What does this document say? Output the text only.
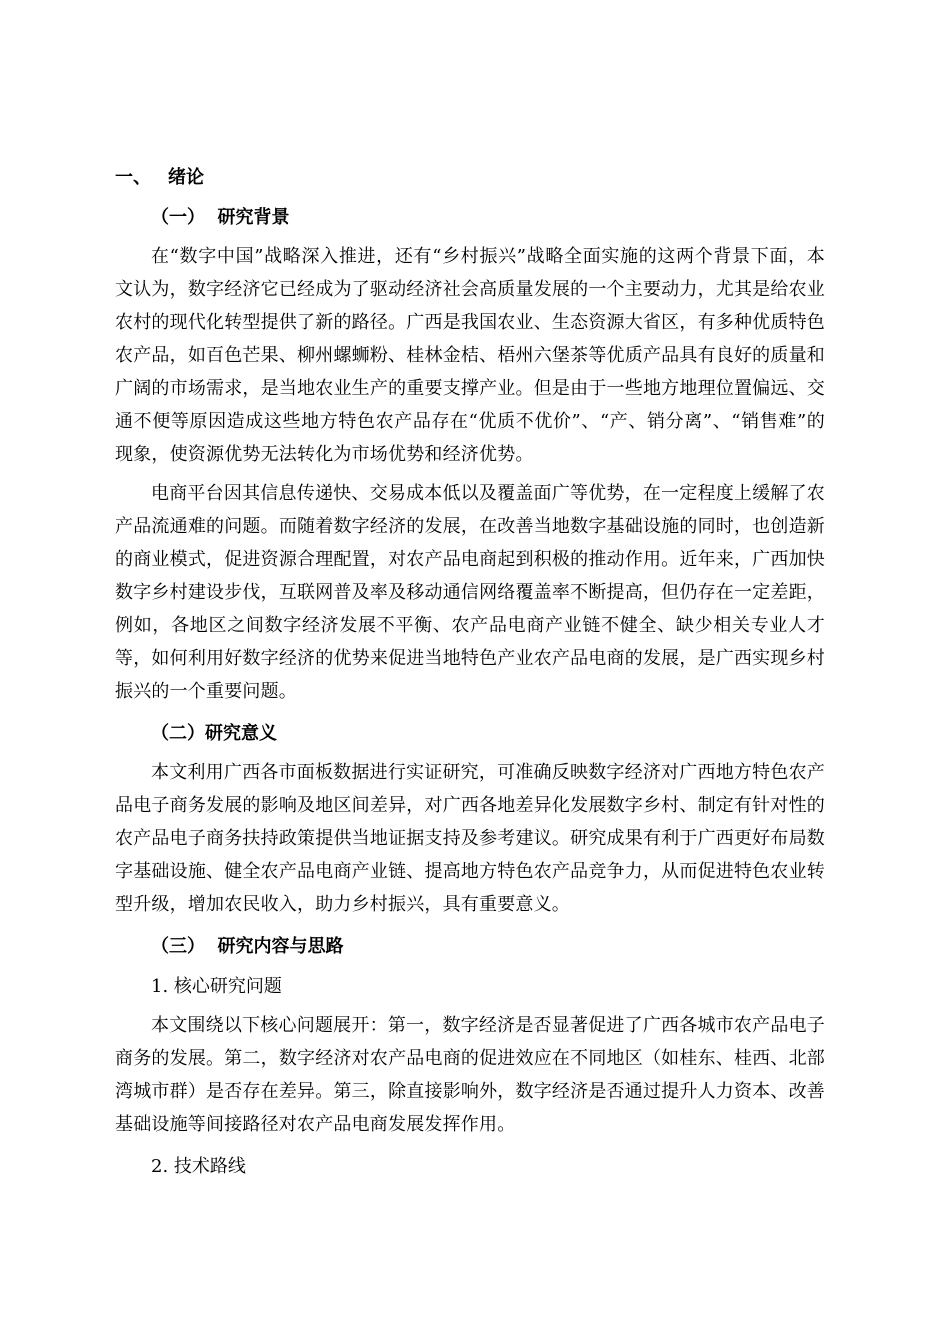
一、 绪论
（一） 研究背景

在“数字中国”战略深入推进，还有“乡村振兴”战略全面实施的这两个背景下面，本文认为，数字经济它已经成为了驱动经济社会高质量发展的一个主要动力，尤其是给农业农村的现代化转型提供了新的路径。广西是我国农业、生态资源大省区，有多种优质特色农产品，如百色芒果、柳州螺蛳粉、桂林金桔、梧州六堡茶等优质产品具有良好的质量和广阔的市场需求，是当地农业生产的重要支撑产业。但是由于一些地方地理位置偏远、交通不便等原因造成这些地方特色农产品存在“优质不优价”、“产、销分离”、“销售难”的现象，使资源优势无法转化为市场优势和经济优势。

电商平台因其信息传递快、交易成本低以及覆盖面广等优势，在一定程度上缓解了农产品流通难的问题。而随着数字经济的发展，在改善当地数字基础设施的同时，也创造新的商业模式，促进资源合理配置，对农产品电商起到积极的推动作用。近年来，广西加快数字乡村建设步伐，互联网普及率及移动通信网络覆盖率不断提高，但仍存在一定差距，例如，各地区之间数字经济发展不平衡、农产品电商产业链不健全、缺少相关专业人才等，如何利用好数字经济的优势来促进当地特色产业农产品电商的发展，是广西实现乡村振兴的一个重要问题。

（二）研究意义

本文利用广西各市面板数据进行实证研究，可准确反映数字经济对广西地方特色农产品电子商务发展的影响及地区间差异，对广西各地差异化发展数字乡村、制定有针对性的农产品电子商务扶持政策提供当地证据支持及参考建议。研究成果有利于广西更好布局数字基础设施、健全农产品电商产业链、提高地方特色农产品竞争力，从而促进特色农业转型升级，增加农民收入，助力乡村振兴，具有重要意义。

（三） 研究内容与思路
1. 核心研究问题

本文围绕以下核心问题展开：第一，数字经济是否显著促进了广西各城市农产品电子商务的发展。第二，数字经济对农产品电商的促进效应在不同地区（如桂东、桂西、北部湾城市群）是否存在差异。第三，除直接影响外，数字经济是否通过提升人力资本、改善基础设施等间接路径对农产品电商发展发挥作用。

2. 技术路线
